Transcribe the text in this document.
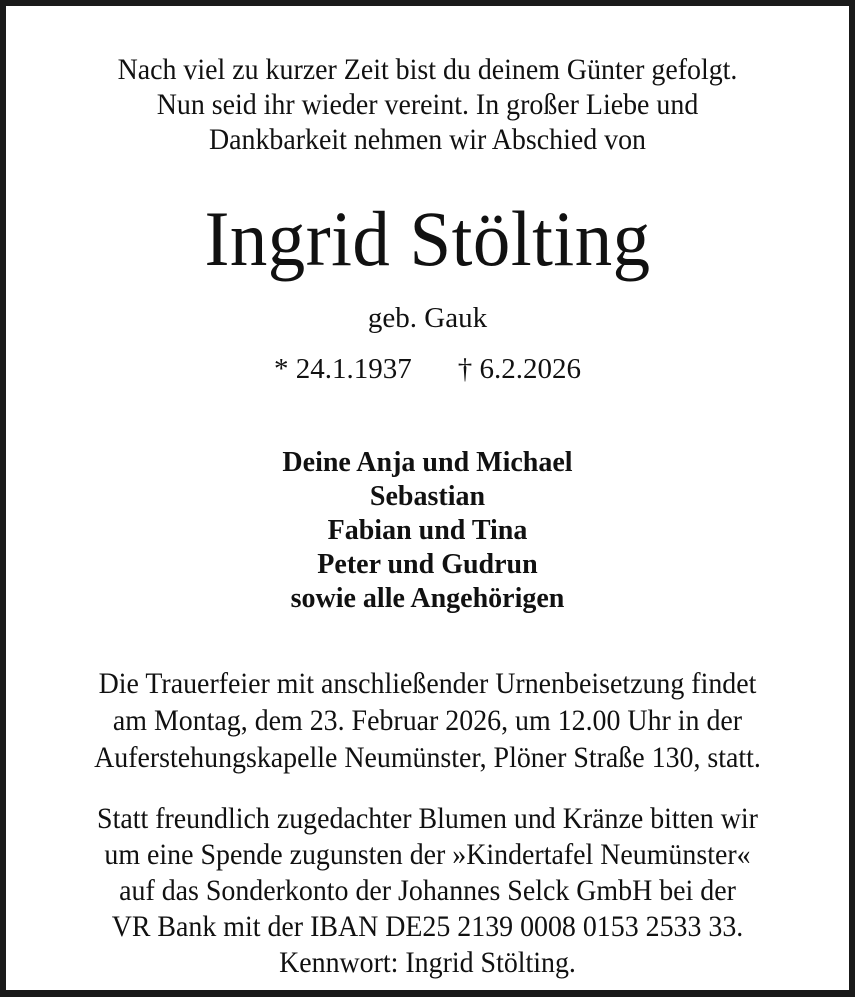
Nach viel zu kurzer Zeit bist du deinem Günter gefolgt.
Nun seid ihr wieder vereint. In großer Liebe und
Dankbarkeit nehmen wir Abschied von
Ingrid Stölting
geb. Gauk
* 24.1.1937 † 6.2.2026
Deine Anja und Michael
Sebastian
Fabian und Tina
Peter und Gudrun
sowie alle Angehörigen
Die Trauerfeier mit anschließender Urnenbeisetzung findet
am Montag, dem 23. Februar 2026, um 12.00 Uhr in der
Auferstehungskapelle Neumünster, Plöner Straße 130, statt.
Statt freundlich zugedachter Blumen und Kränze bitten wir
um eine Spende zugunsten der »Kindertafel Neumünster«
auf das Sonderkonto der Johannes Selck GmbH bei der
VR Bank mit der IBAN DE25 2139 0008 0153 2533 33.
Kennwort: Ingrid Stölting.
